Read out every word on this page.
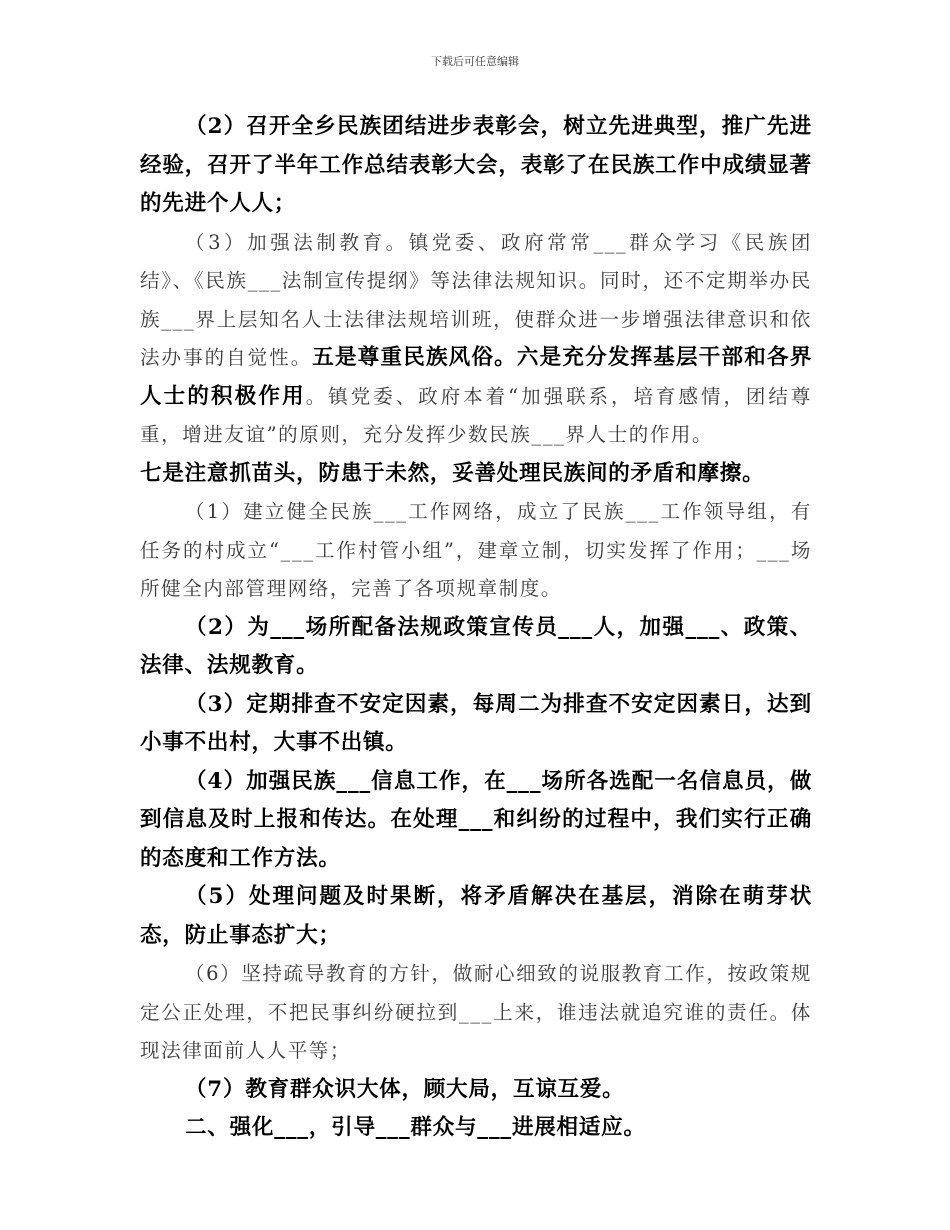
下载后可任意编辑

（2）召开全乡民族团结进步表彰会，树立先进典型，推广先进经验，召开了半年工作总结表彰大会，表彰了在民族工作中成绩显著的先进个人人；

（3）加强法制教育。镇党委、政府常常___群众学习《民族团结》、《民族___法制宣传提纲》等法律法规知识。同时，还不定期举办民族___界上层知名人士法律法规培训班，使群众进一步增强法律意识和依法办事的自觉性。五是尊重民族风俗。六是充分发挥基层干部和各界人士的积极作用。镇党委、政府本着“加强联系，培育感情，团结尊重，增进友谊”的原则，充分发挥少数民族___界人士的作用。
七是注意抓苗头，防患于未然，妥善处理民族间的矛盾和摩擦。

（1）建立健全民族___工作网络，成立了民族___工作领导组，有任务的村成立“___工作村管小组”，建章立制，切实发挥了作用；___场所健全内部管理网络，完善了各项规章制度。

（2）为___场所配备法规政策宣传员___人，加强___、政策、法律、法规教育。

（3）定期排查不安定因素，每周二为排查不安定因素日，达到小事不出村，大事不出镇。

（4）加强民族___信息工作，在___场所各选配一名信息员，做到信息及时上报和传达。在处理___和纠纷的过程中，我们实行正确的态度和工作方法。

（5）处理问题及时果断，将矛盾解决在基层，消除在萌芽状态，防止事态扩大；

（6）坚持疏导教育的方针，做耐心细致的说服教育工作，按政策规定公正处理，不把民事纠纷硬拉到___上来，谁违法就追究谁的责任。体现法律面前人人平等；

（7）教育群众识大体，顾大局，互谅互爱。

二、强化___，引导___群众与___进展相适应。
